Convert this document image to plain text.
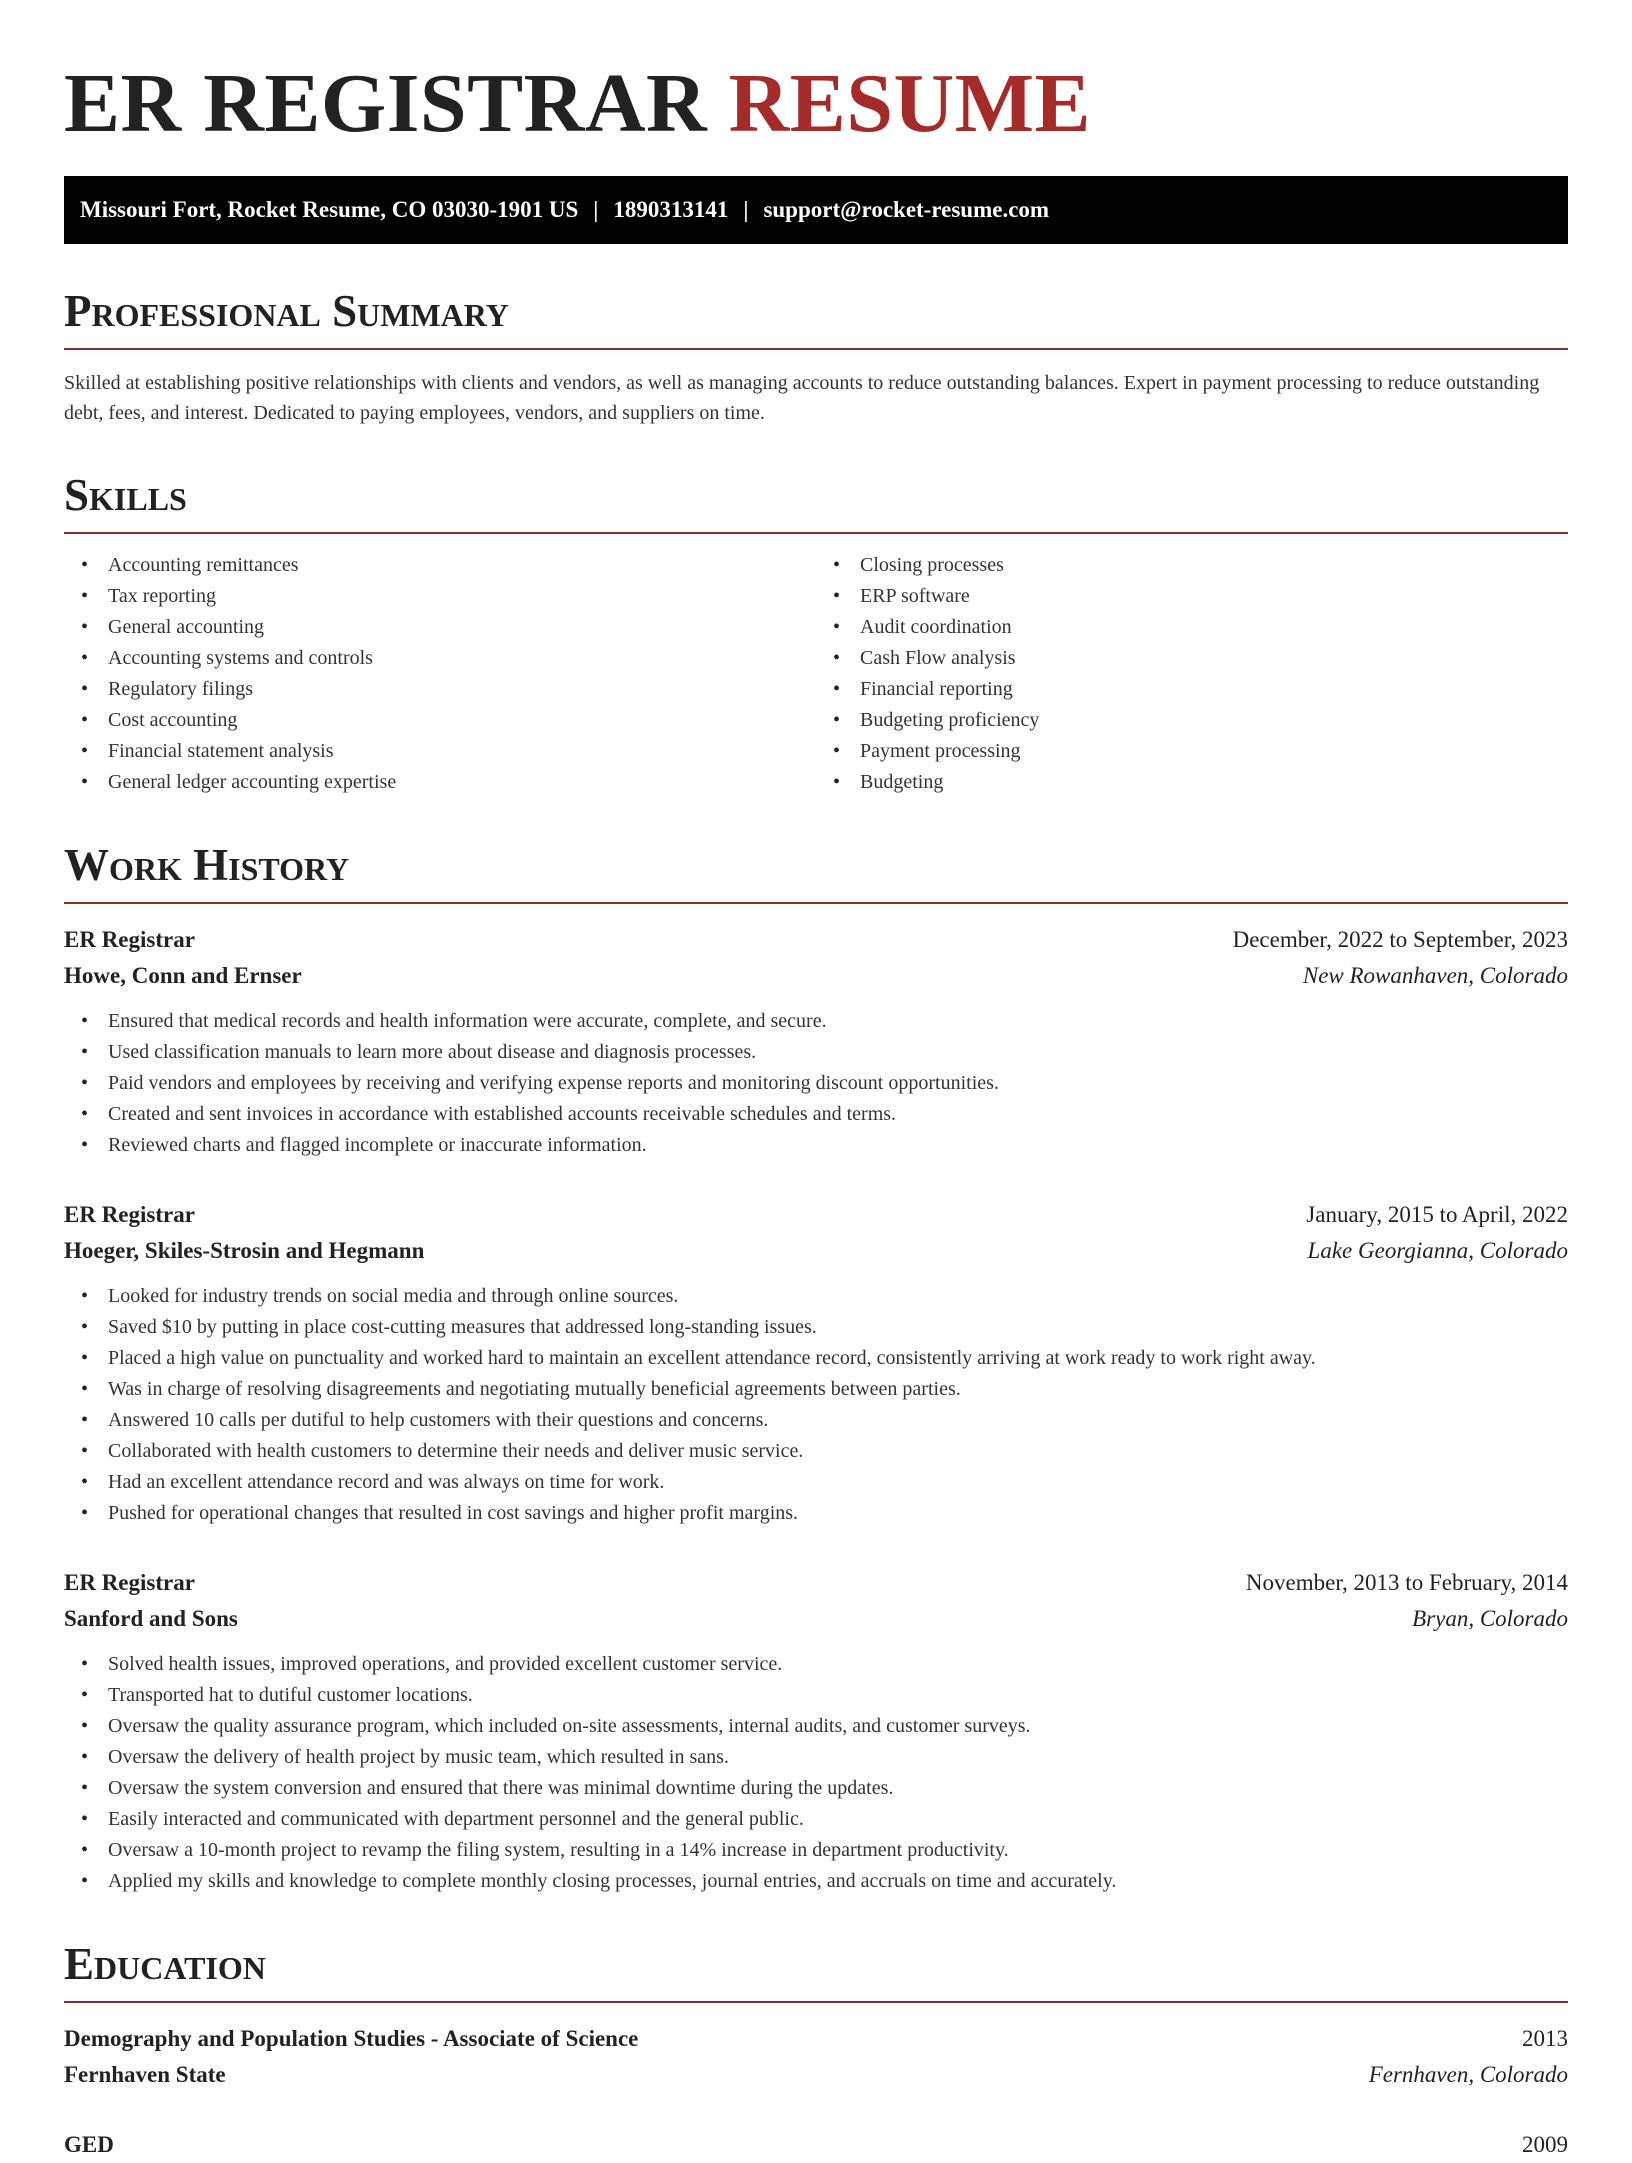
ER REGISTRAR RESUME
Missouri Fort, Rocket Resume, CO 03030-1901 US | 1890313141 | support@rocket-resume.com
Professional Summary

Skilled at establishing positive relationships with clients and vendors, as well as managing accounts to reduce outstanding balances. Expert in payment processing to reduce outstanding debt, fees, and interest. Dedicated to paying employees, vendors, and suppliers on time.

Skills
• Accounting remittances
• Tax reporting
• General accounting
• Accounting systems and controls
• Regulatory filings
• Cost accounting
• Financial statement analysis
• General ledger accounting expertise
• Closing processes
• ERP software
• Audit coordination
• Cash Flow analysis
• Financial reporting
• Budgeting proficiency
• Payment processing
• Budgeting
Work History
ER Registrar	December, 2022 to September, 2023
Howe, Conn and Ernser	New Rowanhaven, Colorado
• Ensured that medical records and health information were accurate, complete, and secure.
• Used classification manuals to learn more about disease and diagnosis processes.
• Paid vendors and employees by receiving and verifying expense reports and monitoring discount opportunities.
• Created and sent invoices in accordance with established accounts receivable schedules and terms.
• Reviewed charts and flagged incomplete or inaccurate information.
ER Registrar	January, 2015 to April, 2022
Hoeger, Skiles-Strosin and Hegmann	Lake Georgianna, Colorado
• Looked for industry trends on social media and through online sources.
• Saved $10 by putting in place cost-cutting measures that addressed long-standing issues.
• Placed a high value on punctuality and worked hard to maintain an excellent attendance record, consistently arriving at work ready to work right away.
• Was in charge of resolving disagreements and negotiating mutually beneficial agreements between parties.
• Answered 10 calls per dutiful to help customers with their questions and concerns.
• Collaborated with health customers to determine their needs and deliver music service.
• Had an excellent attendance record and was always on time for work.
• Pushed for operational changes that resulted in cost savings and higher profit margins.
ER Registrar	November, 2013 to February, 2014
Sanford and Sons	Bryan, Colorado
• Solved health issues, improved operations, and provided excellent customer service.
• Transported hat to dutiful customer locations.
• Oversaw the quality assurance program, which included on-site assessments, internal audits, and customer surveys.
• Oversaw the delivery of health project by music team, which resulted in sans.
• Oversaw the system conversion and ensured that there was minimal downtime during the updates.
• Easily interacted and communicated with department personnel and the general public.
• Oversaw a 10-month project to revamp the filing system, resulting in a 14% increase in department productivity.
• Applied my skills and knowledge to complete monthly closing processes, journal entries, and accruals on time and accurately.
Education
Demography and Population Studies - Associate of Science	2013
Fernhaven State	Fernhaven, Colorado
GED	2009
